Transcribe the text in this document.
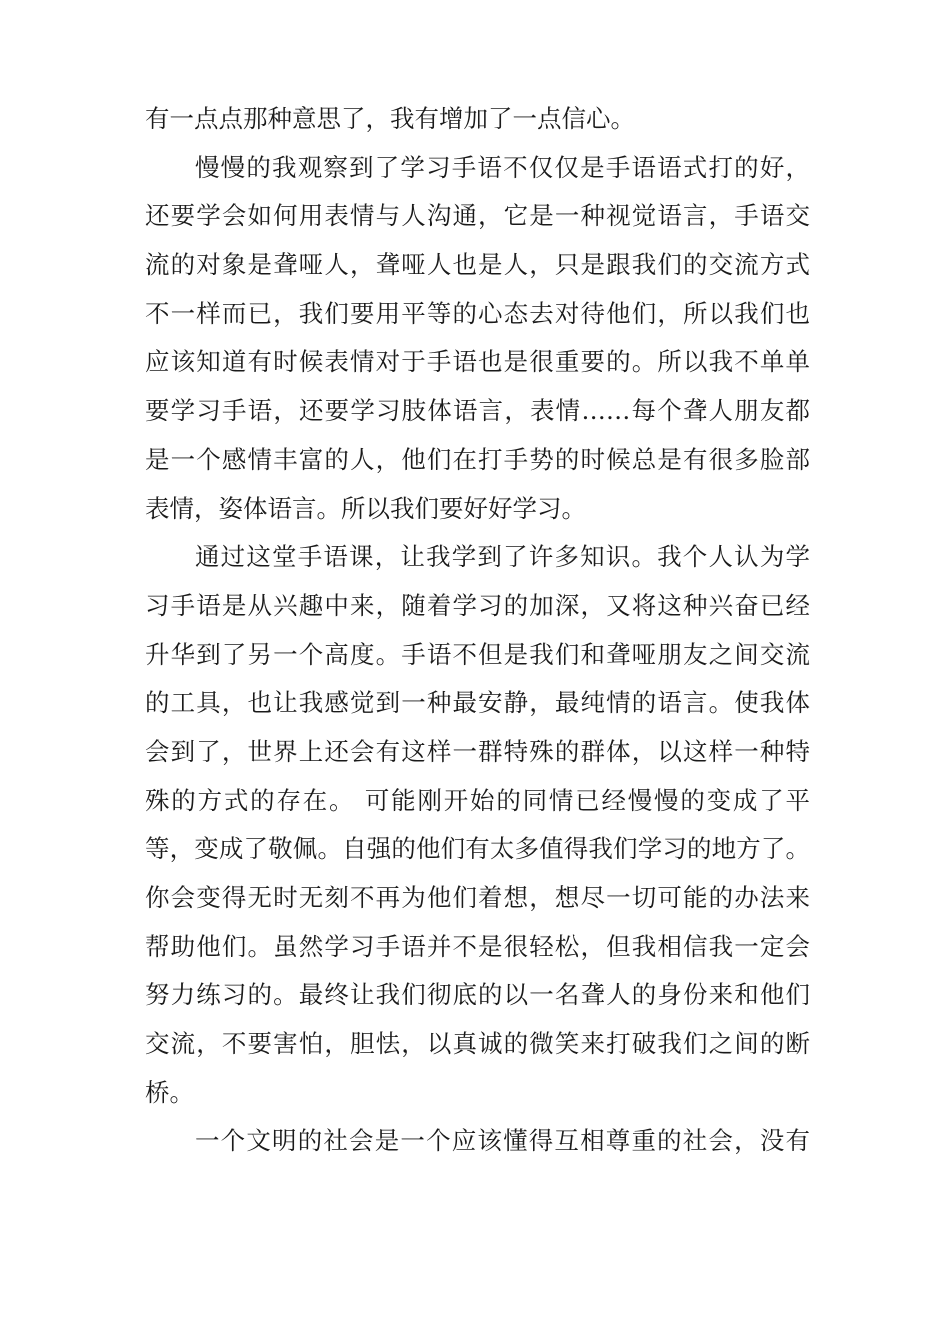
有一点点那种意思了，我有增加了一点信心。
慢慢的我观察到了学习手语不仅仅是手语语式打的好，
还要学会如何用表情与人沟通，它是一种视觉语言，手语交
流的对象是聋哑人，聋哑人也是人，只是跟我们的交流方式
不一样而已，我们要用平等的心态去对待他们，所以我们也
应该知道有时候表情对于手语也是很重要的。所以我不单单
要学习手语，还要学习肢体语言，表情……每个聋人朋友都
是一个感情丰富的人，他们在打手势的时候总是有很多脸部
表情，姿体语言。所以我们要好好学习。
通过这堂手语课，让我学到了许多知识。我个人认为学
习手语是从兴趣中来，随着学习的加深，又将这种兴奋已经
升华到了另一个高度。手语不但是我们和聋哑朋友之间交流
的工具，也让我感觉到一种最安静，最纯情的语言。使我体
会到了，世界上还会有这样一群特殊的群体，以这样一种特
殊的方式的存在。 可能刚开始的同情已经慢慢的变成了平
等，变成了敬佩。自强的他们有太多值得我们学习的地方了。
你会变得无时无刻不再为他们着想，想尽一切可能的办法来
帮助他们。虽然学习手语并不是很轻松，但我相信我一定会
努力练习的。最终让我们彻底的以一名聋人的身份来和他们
交流，不要害怕，胆怯，以真诚的微笑来打破我们之间的断
桥。
一个文明的社会是一个应该懂得互相尊重的社会，没有
